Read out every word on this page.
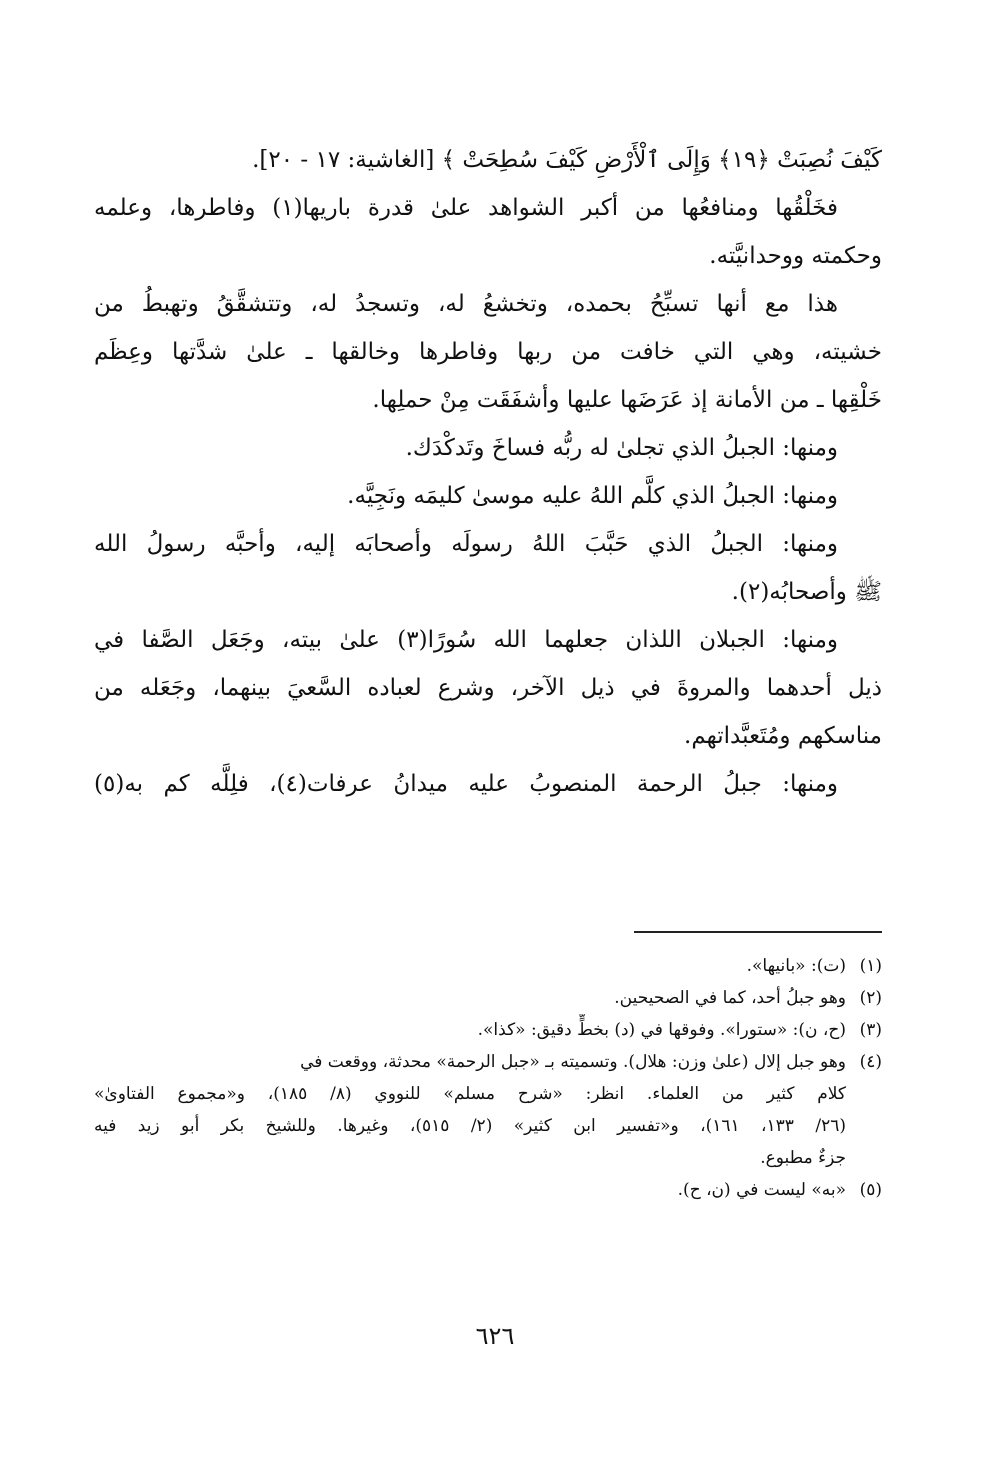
كَيْفَ نُصِبَتْ ﴿١٩﴾ وَإِلَى ٱلْأَرْضِ كَيْفَ سُطِحَتْ ﴾ [الغاشية: ١٧ - ٢٠].
فخَلْقُها ومنافعُها من أكبر الشواهد علىٰ قدرة باريها(١) وفاطرها، وعلمه
وحكمته ووحدانيَّته.
هذا مع أنها تسبِّحُ بحمده، وتخشعُ له، وتسجدُ له، وتتشقَّقُ وتهبطُ من
خشيته، وهي التي خافت من ربها وفاطرها وخالقها ـ علىٰ شدَّتها وعِظَم
خَلْقِها ـ من الأمانة إذ عَرَضَها عليها وأشفَقَت مِنْ حملِها.
ومنها: الجبلُ الذي تجلىٰ له ربُّه فساخَ وتَدكْدَك.
ومنها: الجبلُ الذي كلَّم اللهُ عليه موسىٰ كليمَه ونَجِيَّه.
ومنها: الجبلُ الذي حَبَّبَ اللهُ رسولَه وأصحابَه إليه، وأحبَّه رسولُ الله
ﷺ وأصحابُه(٢).
ومنها: الجبلان اللذان جعلهما الله سُورًا(٣) علىٰ بيته، وجَعَل الصَّفا في
ذيل أحدهما والمروةَ في ذيل الآخر، وشرع لعباده السَّعيَ بينهما، وجَعَله من
مناسكهم ومُتَعبَّداتهم.
ومنها: جبلُ الرحمة المنصوبُ عليه ميدانُ عرفات(٤)، فلِلَّه كم به(٥)
(١)(ت): «بانيها».
(٢)وهو جبلُ أحد، كما في الصحيحين.
(٣)(ح، ن): «ستورا». وفوقها في (د) بخطٍّ دقيق: «كذا».
(٤)وهو جبل إلال (علىٰ وزن: هلال). وتسميته بـ «جبل الرحمة» محدثة، ووقعت في
كلام كثير من العلماء. انظر: «شرح مسلم» للنووي (٨/ ١٨٥)، و«مجموع الفتاوىٰ»
(٢٦/ ١٣٣، ١٦١)، و«تفسير ابن كثير» (٢/ ٥١٥)، وغيرها. وللشيخ بكر أبو زيد فيه
جزءٌ مطبوع.
(٥)«به» ليست في (ن، ح).
٦٢٦
